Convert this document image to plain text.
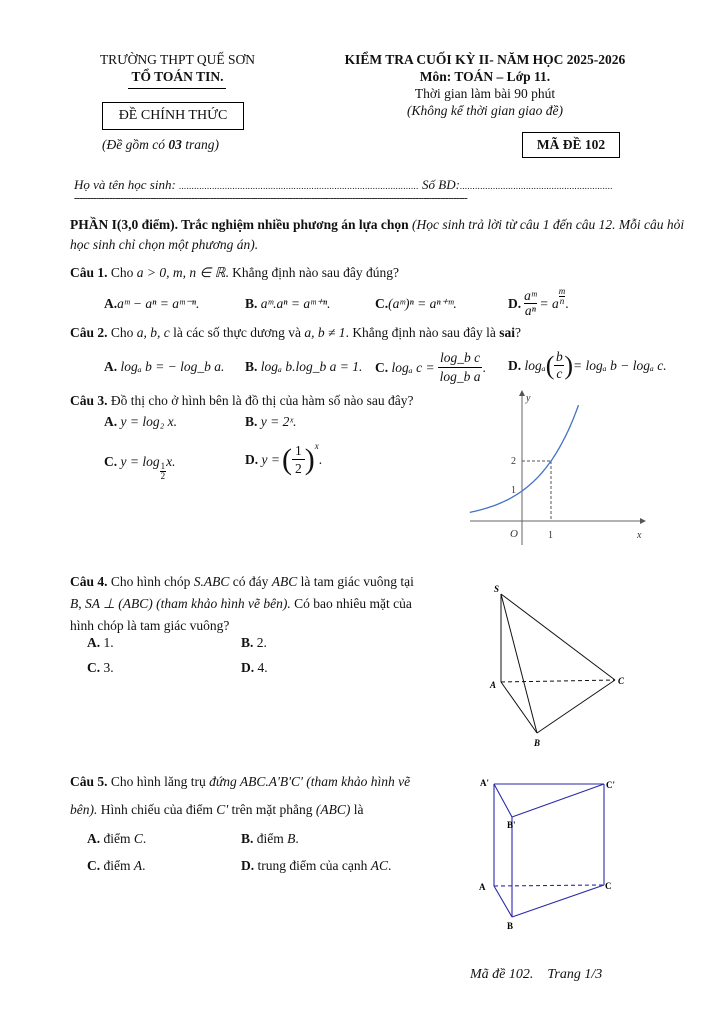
TRƯỜNG THPT QUẾ SƠN
TỔ TOÁN TIN.
ĐỀ CHÍNH THỨC
(Đề gồm có 03 trang)
KIỂM TRA CUỐI KỲ II- NĂM HỌC 2025-2026
Môn: TOÁN – Lớp 11.
Thời gian làm bài 90 phút
(Không kể thời gian giao đề)
MÃ ĐỀ 102
Họ và tên học sinh: .............................................................................................. Số BD:............................................................
------------------------------------------------------------------------------------------------------------------------------------------------
PHẦN I(3,0 điểm). Trắc nghiệm nhiều phương án lựa chọn (Học sinh trả lời từ câu 1 đến câu 12. Mỗi câu hỏi học sinh chỉ chọn một phương án).
Câu 1. Cho a > 0, m, n ∈ ℝ. Khẳng định nào sau đây đúng?
A.aᵐ − aⁿ = aᵐ⁻ⁿ.	B. aᵐ.aⁿ = aᵐ⁺ⁿ.	C.(aᵐ)ⁿ = aⁿ⁺ᵐ.	D. $\frac{\text{aᵐ}}{\text{aⁿ}} = a$
m
n .
Câu 2. Cho a, b, c là các số thực dương và a, b ≠ 1. Khẳng định nào sau đây là sai?
A. logₐ b = − log_b a. B. logₐ b.log_b a = 1. C.
logₐ $c = \frac{\text{log\_b c}}{\text{log\_b a}}$ . D.
logₐ ( b
c ) = logₐ b − logₐ c.
Câu 3. Đồ thị cho ở hình bên là đồ thị của hàm số nào sau đây?
A. y = log₂ x.	B. y = 2ˣ.
C.
y = log 1
2
x.	D.
y = ( 1
2 ) x
.
y
x
O	1
1
2
Câu 4. Cho hình chóp S.ABC có đáy ABC là tam giác vuông tại
B, SA ⊥ (ABC) (tham khảo hình vẽ bên). Có bao nhiêu mặt của
hình chóp là tam giác vuông?
A. 1.	B. 2.
C. 3.	D. 4.
S
A
B
C
Câu 5. Cho hình lăng trụ đứng ABC.A'B'C' (tham khảo hình vẽ
bên). Hình chiếu của điểm C' trên mặt phẳng (ABC) là
A. điểm C.	B. điểm B.
C. điểm A.	D. trung điểm của cạnh AC.
A'	C'
B'
A	C
B
Mã đề 102.    Trang 1/3
